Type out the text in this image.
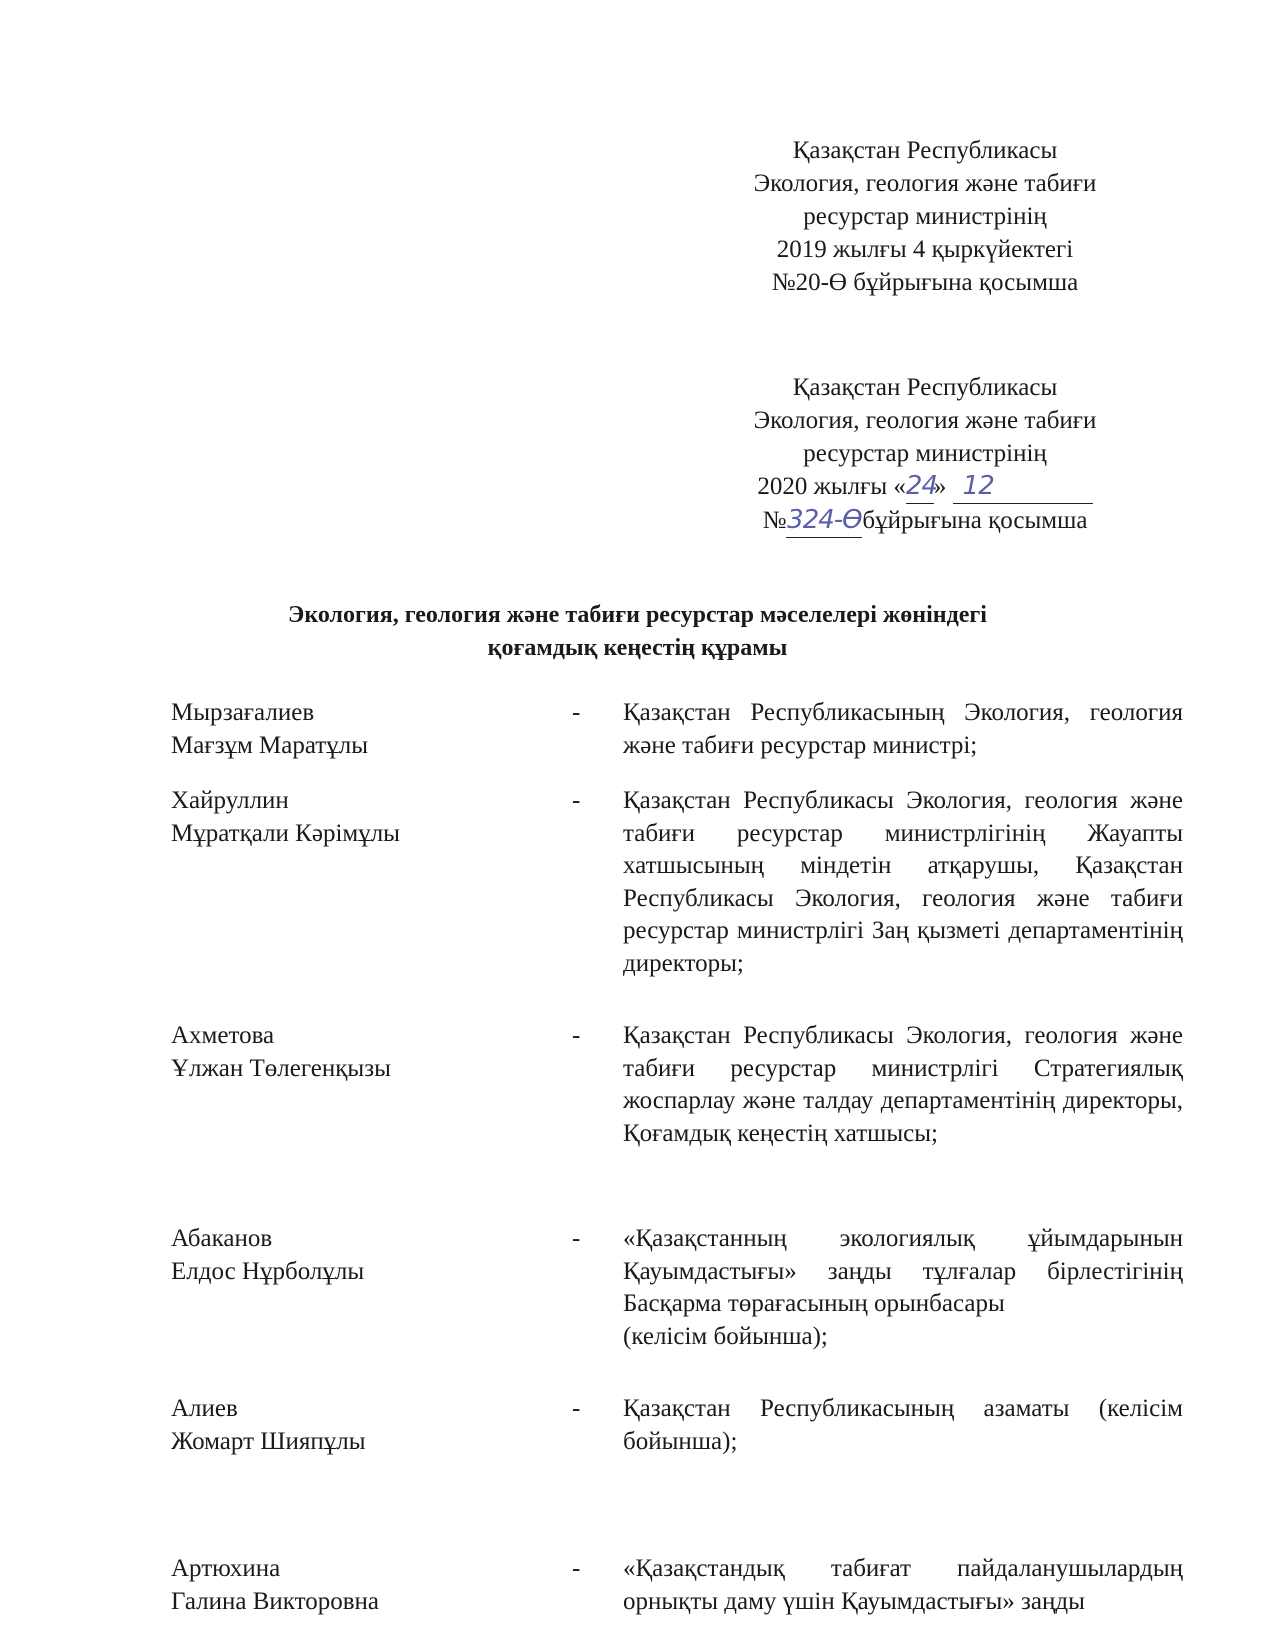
Қазақстан Республикасы
Экология, геология және табиғи
ресурстар министрінің
2019 жылғы 4 қыркүйектегі
№20-Ө бұйрығына қосымша
Қазақстан Республикасы
Экология, геология және табиғи
ресурстар министрінің
2020 жылғы «24» 12
№324-Өбұйрығына қосымша
Экология, геология және табиғи ресурстар мәселелері жөніндегі
қоғамдық кеңестің құрамы
Мырзағалиев
Мағзұм Маратұлы
- Қазақстан Республикасының Экология, геология және табиғи ресурстар министрі;
Хайруллин
Мұратқали Кәрімұлы
- Қазақстан Республикасы Экология, геология және табиғи ресурстар министрлігінің Жауапты хатшысының міндетін атқарушы, Қазақстан Республикасы Экология, геология және табиғи ресурстар министрлігі Заң қызметі департаментінің директоры;
Ахметова
Ұлжан Төлегенқызы
- Қазақстан Республикасы Экология, геология және табиғи ресурстар министрлігі Стратегиялық жоспарлау және талдау департаментінің директоры, Қоғамдық кеңестің хатшысы;
Абаканов
Елдос Нұрболұлы
- «Қазақстанның экологиялық ұйымдарынын Қауымдастығы» заңды тұлғалар бірлестігінің Басқарма төрағасының орынбасары
(келісім бойынша);
Алиев
Жомарт Шияпұлы
- Қазақстан Республикасының азаматы (келісім бойынша);
Артюхина
Галина Викторовна
- «Қазақстандық табиғат пайдаланушылардың орнықты даму үшін Қауымдастығы» заңды
